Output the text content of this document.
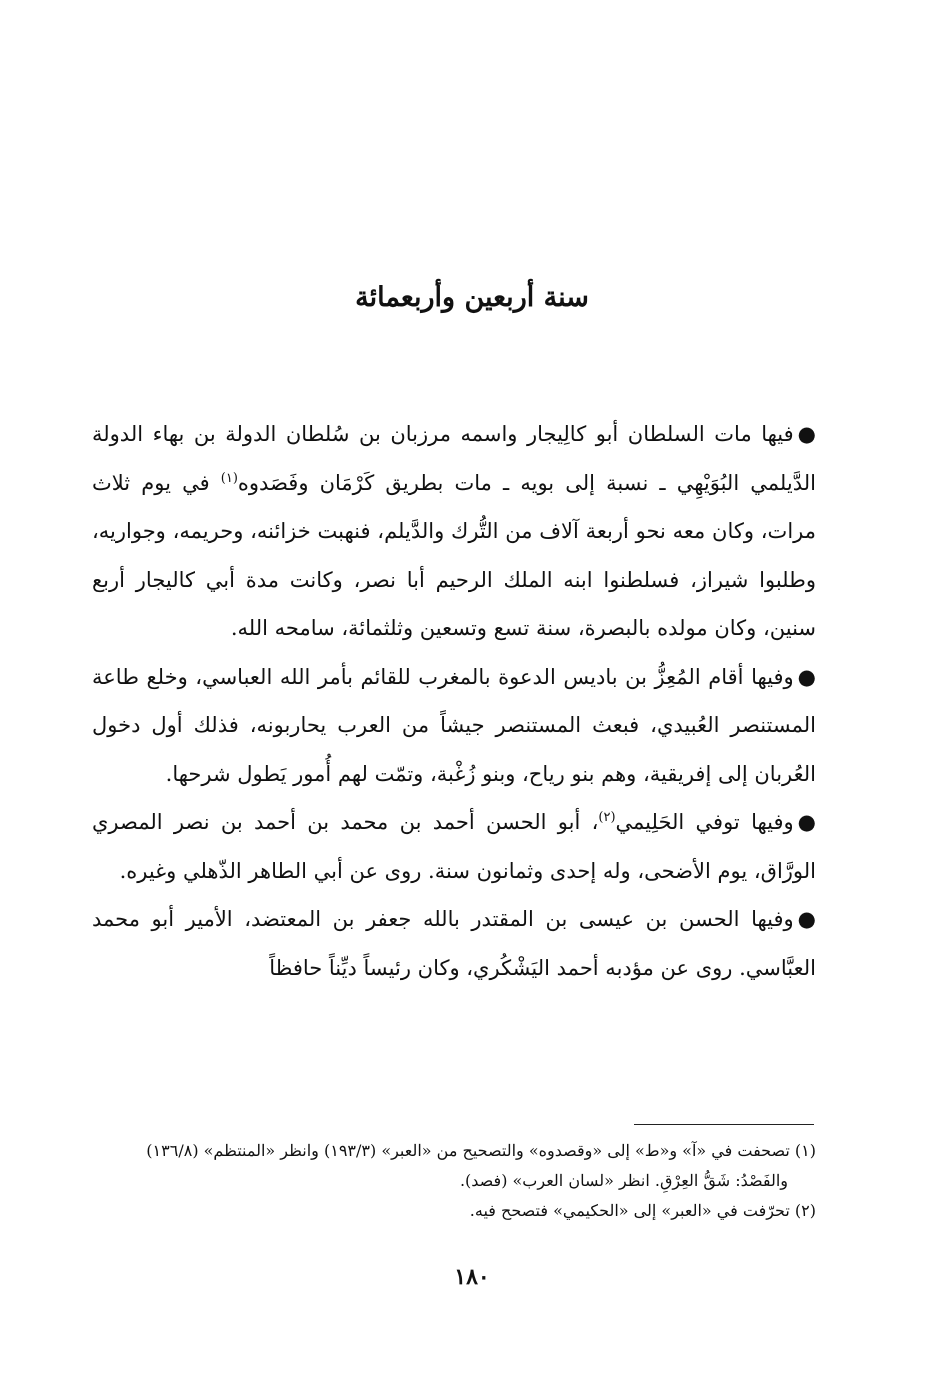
سنة أربعين وأربعمائة

●فيها مات السلطان أبو كالِيجار واسمه مرزبان بن سُلطان الدولة بن بهاء الدولة الدَّيلمي البُوَيْهِي ـ نسبة إلى بويه ـ مات بطريق كَرْمَان وفَصَدوه$^{(١)}$ في يوم ثلاث مرات، وكان معه نحو أربعة آلاف من التُّرك والدَّيلم، فنهبت خزائنه، وحريمه، وجواريه، وطلبوا شيراز، فسلطنوا ابنه الملك الرحيم أبا نصر، وكانت مدة أبي كاليجار أربع سنين، وكان مولده بالبصرة، سنة تسع وتسعين وثلثمائة، سامحه الله.

●وفيها أقام المُعِزُّ بن باديس الدعوة بالمغرب للقائم بأمر الله العباسي، وخلع طاعة المستنصر العُبيدي، فبعث المستنصر جيشاً من العرب يحاربونه، فذلك أول دخول العُربان إلى إفريقية، وهم بنو رياح، وبنو زُغْبة، وتمّت لهم أُمور يَطول شرحها.

●وفيها توفي الحَلِيمي$^{(٢)}$، أبو الحسن أحمد بن محمد بن أحمد بن نصر المصري الورَّاق، يوم الأضحى، وله إحدى وثمانون سنة. روى عن أبي الطاهر الذّهلي وغيره.

●وفيها الحسن بن عيسى بن المقتدر بالله جعفر بن المعتضد، الأمير أبو محمد العبَّاسي. روى عن مؤدبه أحمد اليَشْكُري، وكان رئيساً ديِّناً حافظاً

(١) تصحفت في «آ» و«ط» إلى «وقصدوه» والتصحيح من «العبر» (١٩٣/٣) وانظر «المنتظم» (١٣٦/٨)

والفَصْدُ: شَقُّ العِرْقِ. انظر «لسان العرب» (فصد).

(٢) تحرّفت في «العبر» إلى «الحكيمي» فتصحح فيه.

١٨٠
